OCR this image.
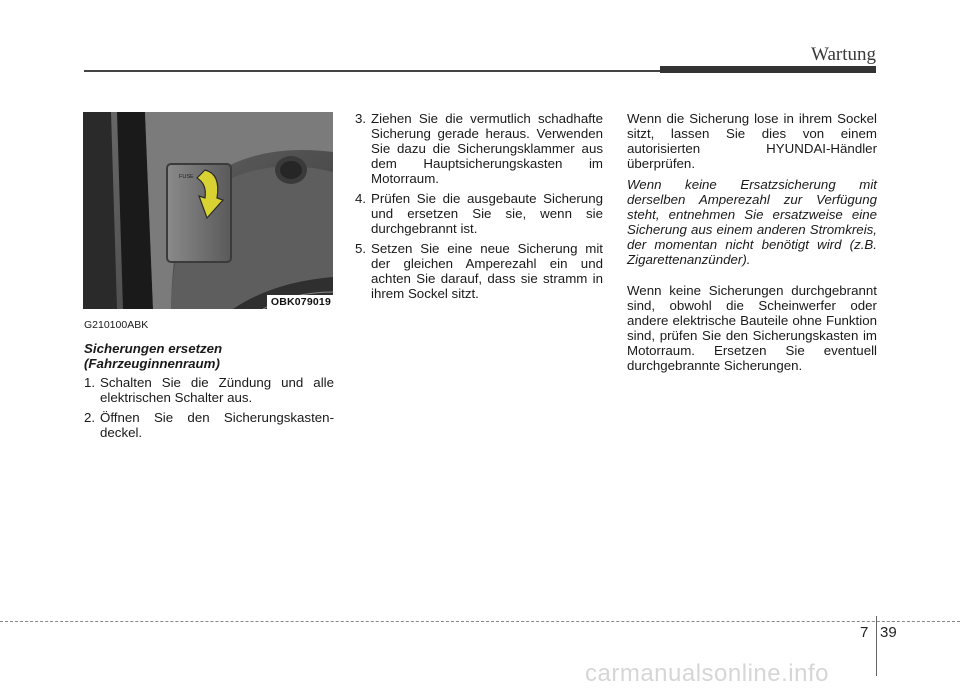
Wartung
FUSE
OBK079019
G210100ABK
Sicherungen ersetzen
(Fahrzeuginnenraum)
1. Schalten Sie die Zündung und alle elektrischen Schalter aus.
2. Öffnen Sie den Sicherungskasten-deckel.
3. Ziehen Sie die vermutlich schadhafte Sicherung gerade heraus. Verwenden Sie dazu die Sicherungsklammer aus dem Hauptsicherungskasten im Motorraum.
4. Prüfen Sie die ausgebaute Sicherung und ersetzen Sie sie, wenn sie durchgebrannt ist.
5. Setzen Sie eine neue Sicherung mit der gleichen Amperezahl ein und achten Sie darauf, dass sie stramm in ihrem Sockel sitzt.

Wenn die Sicherung lose in ihrem Sockel sitzt, lassen Sie dies von einem autorisierten HYUNDAI-Händler überprüfen.

Wenn keine Ersatzsicherung mit derselben Amperezahl zur Verfügung steht, entnehmen Sie ersatzweise eine Sicherung aus einem anderen Stromkreis, der momentan nicht benötigt wird (z.B. Zigarettenanzünder).

Wenn keine Sicherungen durchgebrannt sind, obwohl die Scheinwerfer oder andere elektrische Bauteile ohne Funktion sind, prüfen Sie den Sicherungskasten im Motorraum. Ersetzen Sie eventuell durchgebrannte Sicherungen.

7 39
carmanualsonline.info
